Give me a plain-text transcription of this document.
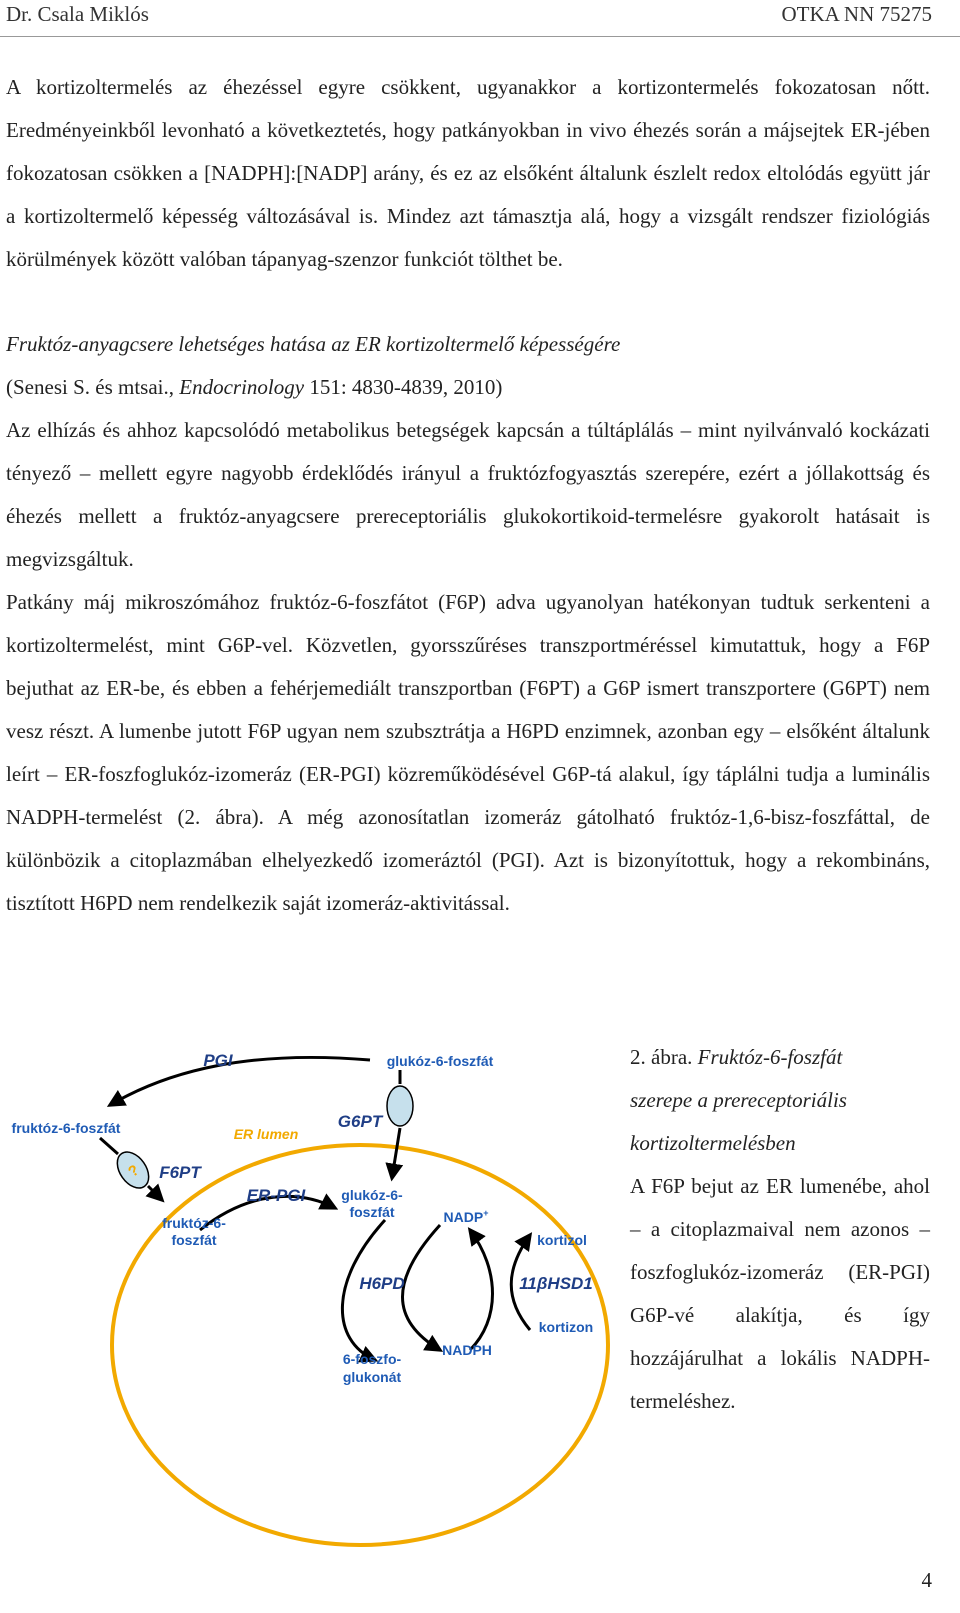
Dr. Csala Miklós	OTKA NN 75275

A kortizoltermelés az éhezéssel egyre csökkent, ugyanakkor a kortizontermelés fokozatosan nőtt. Eredményeinkből levonható a következtetés, hogy patkányokban in vivo éhezés során a májsejtek ER-jében fokozatosan csökken a [NADPH]:[NADP] arány, és ez az elsőként általunk észlelt redox eltolódás együtt jár a kortizoltermelő képesség változásával is. Mindez azt támasztja alá, hogy a vizsgált rendszer fiziológiás körülmények között valóban tápanyag-szenzor funkciót tölthet be.

Fruktóz-anyagcsere lehetséges hatása az ER kortizoltermelő képességére

(Senesi S. és mtsai., Endocrinology 151: 4830-4839, 2010)

Az elhízás és ahhoz kapcsolódó metabolikus betegségek kapcsán a túltáplálás – mint nyilvánvaló kockázati tényező – mellett egyre nagyobb érdeklődés irányul a fruktózfogyasztás szerepére, ezért a jóllakottság és éhezés mellett a fruktóz-anyagcsere prereceptoriális glukokortikoid-termelésre gyakorolt hatásait is megvizsgáltuk.

Patkány máj mikroszómához fruktóz-6-foszfátot (F6P) adva ugyanolyan hatékonyan tudtuk serkenteni a kortizoltermelést, mint G6P-vel. Közvetlen, gyorsszűréses transzportméréssel kimutattuk, hogy a F6P bejuthat az ER-be, és ebben a fehérjemediált transzportban (F6PT) a G6P ismert transzportere (G6PT) nem vesz részt. A lumenbe jutott F6P ugyan nem szubsztrátja a H6PD enzimnek, azonban egy – elsőként általunk leírt – ER-foszfoglukóz-izomeráz (ER-PGI) közreműködésével G6P-tá alakul, így táplálni tudja a luminális NADPH-termelést (2. ábra). A még azonosítatlan izomeráz gátolható fruktóz-1,6-bisz-foszfáttal, de különbözik a citoplazmában elhelyezkedő izomeráztól (PGI). Azt is bizonyítottuk, hogy a rekombináns, tisztított H6PD nem rendelkezik saját izomeráz-aktivitással.

PGI	glukóz-6-foszfát
fruktóz-6-foszfát	ER lumen
G6PT
? F6PT
ER-PGI
fruktóz-6-
foszfát
glukóz-6-
foszfát	NADP+
kortizol
H6PD	11βHSD1
kortizon
NADPH
6-foszfo-
glukonát

2. ábra. Fruktóz-6-foszfát

szerepe a prereceptoriális

kortizoltermelésben

A F6P bejut az ER lumenébe, ahol – a citoplazmaival nem azonos – foszfoglukóz-izomeráz (ER-PGI) G6P-vé alakítja, és így hozzájárulhat a lokális NADPH-termeléshez.

4
